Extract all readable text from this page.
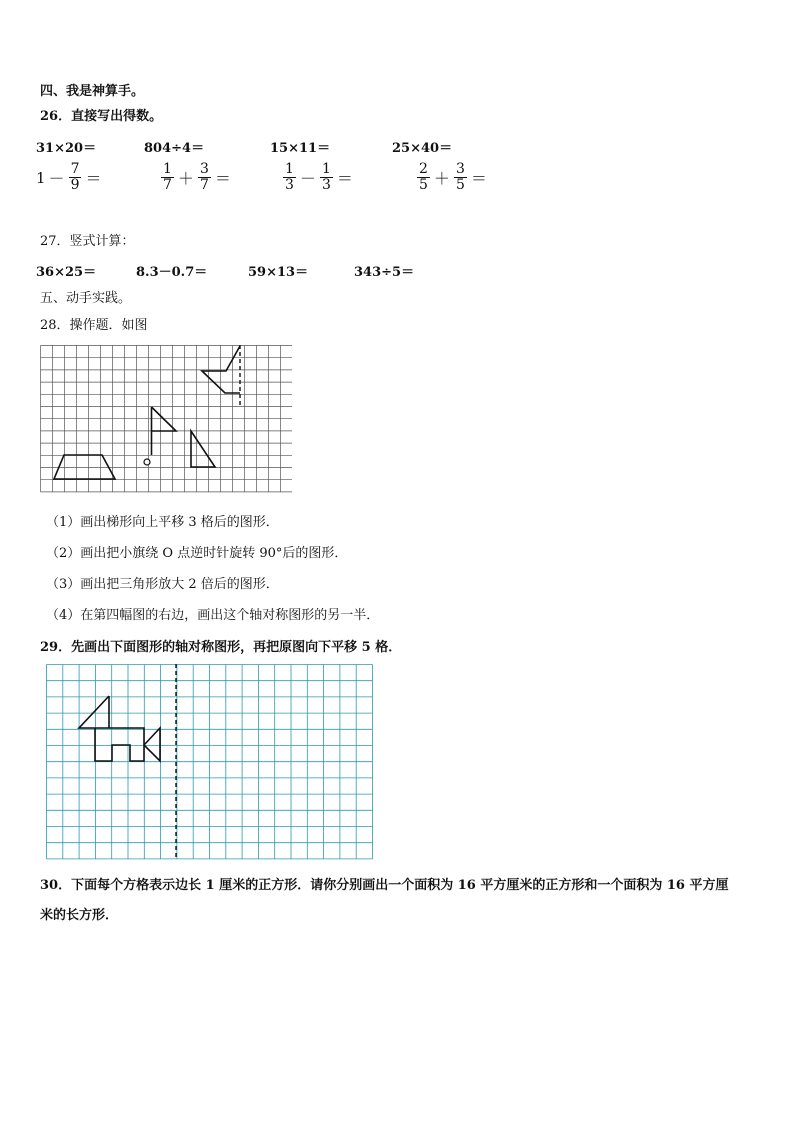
四、我是神算手。
26．直接写出得数。
31×20＝	804÷4＝	15×11＝	25×40＝
$1 - \frac{7}{9}$ ＝	$\frac{1}{7} + \frac{3}{7}$ ＝	$\frac{1}{3} - \frac{1}{3}$ ＝	$\frac{2}{5} + \frac{3}{5}$ ＝
27．竖式计算：
36×25＝	8.3－0.7＝	59×13＝	343÷5＝
五、动手实践。
28．操作题．如图
（1）画出梯形向上平移 3 格后的图形．
（2）画出把小旗绕 O 点逆时针旋转 90°后的图形．
（3）画出把三角形放大 2 倍后的图形．
（4）在第四幅图的右边，画出这个轴对称图形的另一半．
29．先画出下面图形的轴对称图形，再把原图向下平移 5 格．
30．下面每个方格表示边长 1 厘米的正方形．请你分别画出一个面积为 16 平方厘米的正方形和一个面积为 16 平方厘
米的长方形．
